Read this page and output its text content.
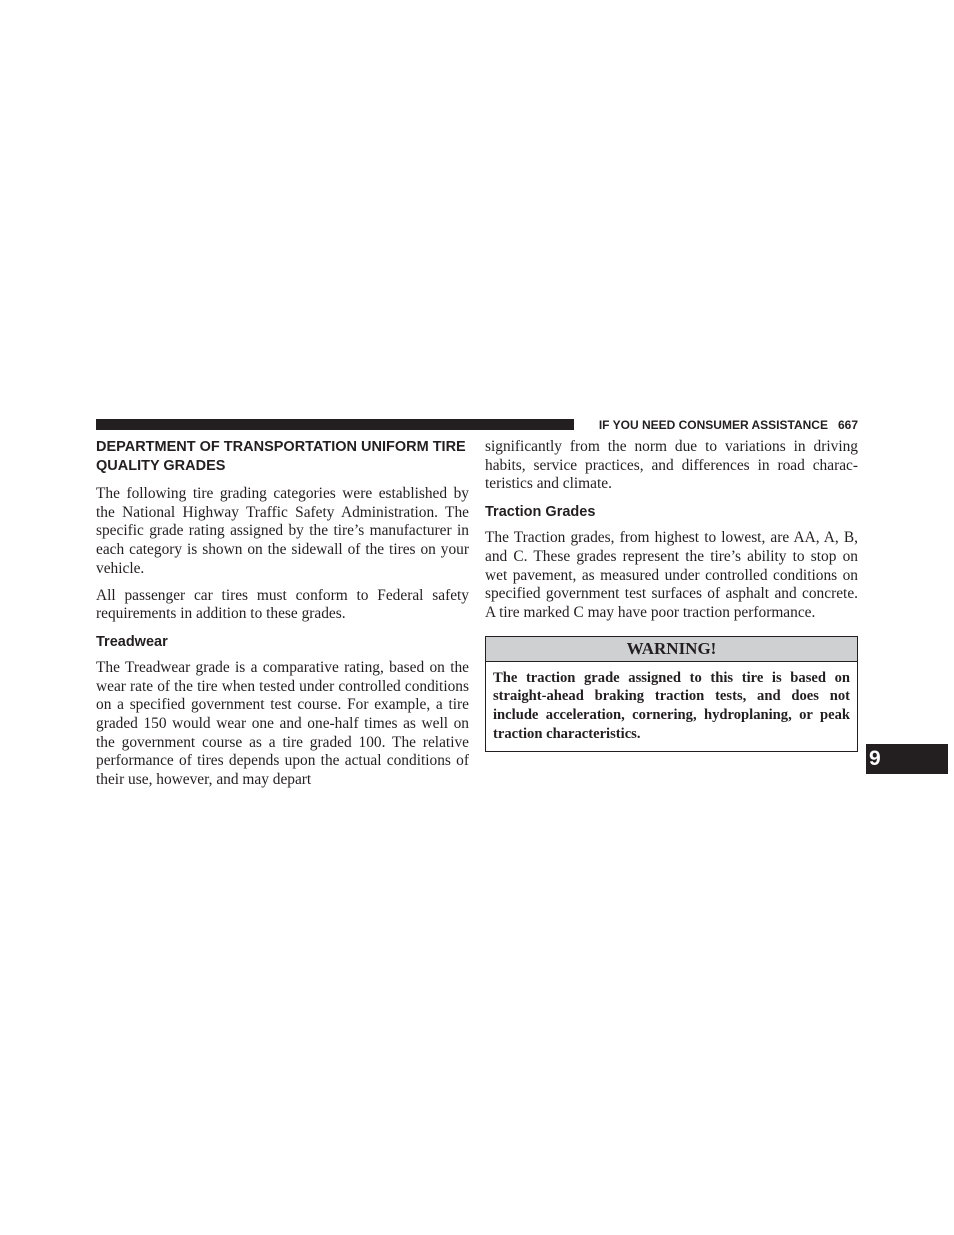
IF YOU NEED CONSUMER ASSISTANCE 667
DEPARTMENT OF TRANSPORTATION UNIFORM TIRE QUALITY GRADES

The following tire grading categories were established by the National Highway Traffic Safety Administration. The specific grade rating assigned by the tire’s manufacturer in each category is shown on the sidewall of the tires on your vehicle.

All passenger car tires must conform to Federal safety requirements in addition to these grades.

Treadwear

The Treadwear grade is a comparative rating, based on the wear rate of the tire when tested under controlled conditions on a specified government test course. For example, a tire graded 150 would wear one and one-half times as well on the government course as a tire graded 100. The relative performance of tires depends upon the actual conditions of their use, however, and may depart

significantly from the norm due to variations in driving habits, service practices, and differences in road characteristics and climate.

Traction Grades

The Traction grades, from highest to lowest, are AA, A, B, and C. These grades represent the tire’s ability to stop on wet pavement, as measured under controlled conditions on specified government test surfaces of asphalt and concrete. A tire marked C may have poor traction performance.

WARNING!
The traction grade assigned to this tire is based on straight-ahead braking traction tests, and does not include acceleration, cornering, hydroplaning, or peak traction characteristics.
9
